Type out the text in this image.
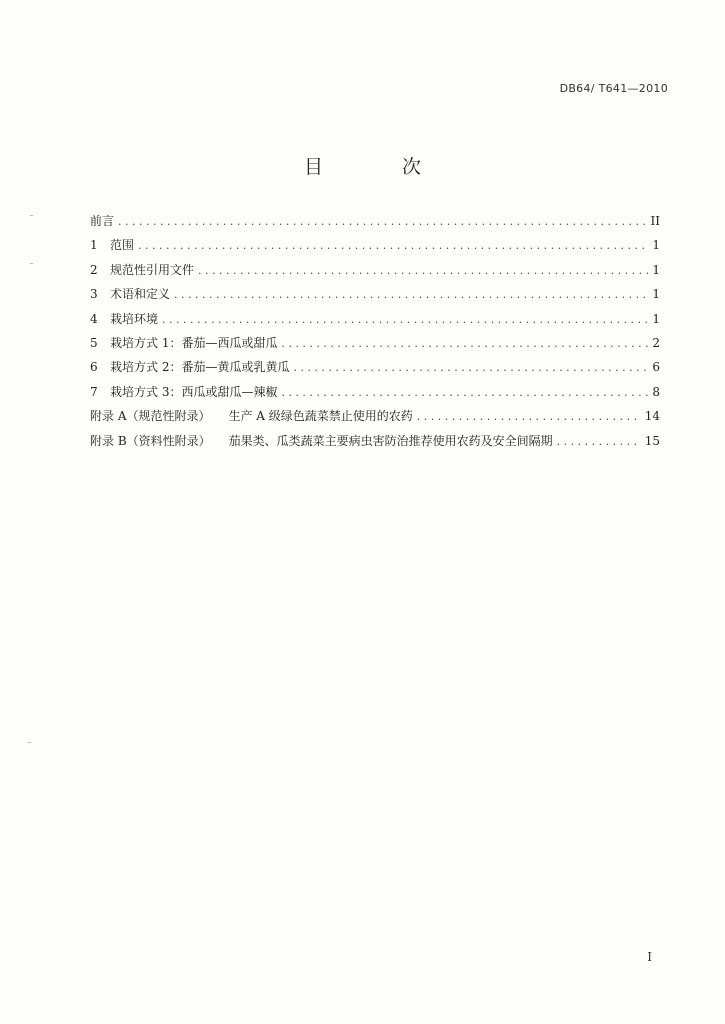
DB64/ T641—2010
目　次
前言 . . .	II
1	范围 . . .	1
2	规范性引用文件 . . .	1
3	术语和定义 . . .	1
4	栽培环境 . . .	1
5	栽培方式 1：番茄—西瓜或甜瓜 . . .	2
6	栽培方式 2：番茄—黄瓜或乳黄瓜 . . .	6
7	栽培方式 3：西瓜或甜瓜—辣椒 . . .	8
附录 A（规范性附录） 生产 A 级绿色蔬菜禁止使用的农药 . . .	14
附录 B（资料性附录） 茄果类、瓜类蔬菜主要病虫害防治推荐使用农药及安全间隔期 . . .	15
I
